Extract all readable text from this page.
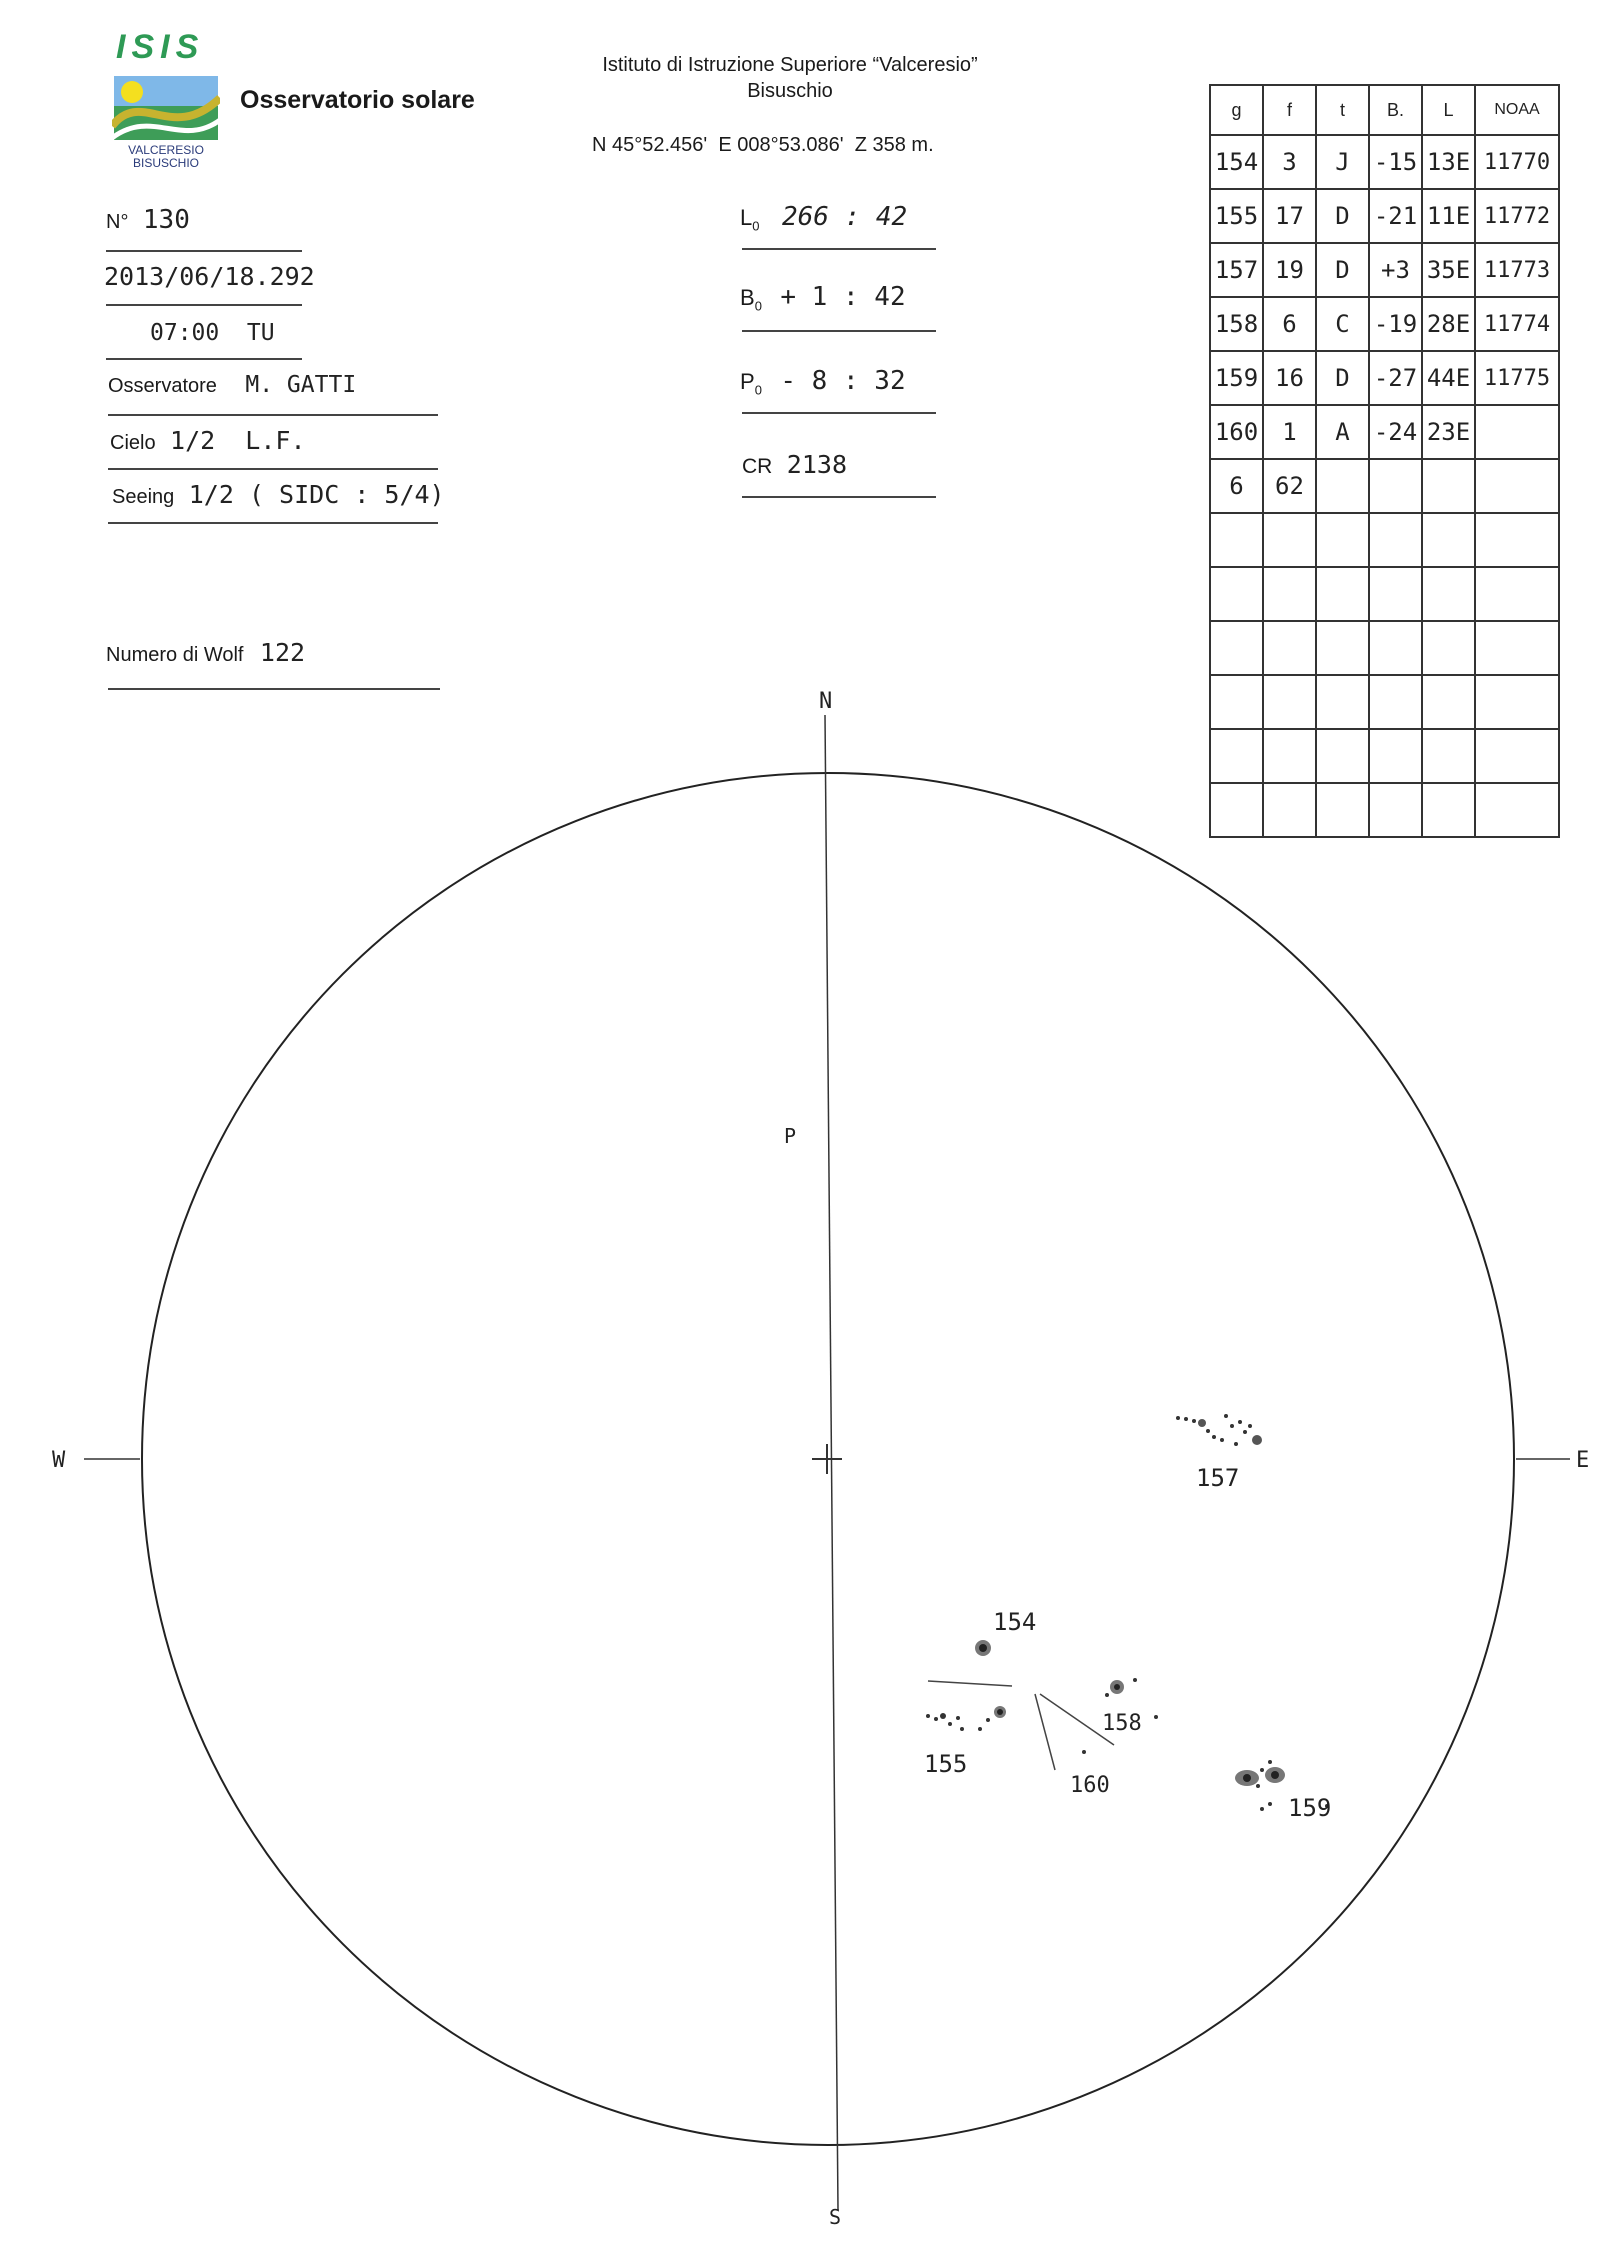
ISIS
VALCERESIO
BISUSCHIO
Osservatorio solare
Istituto di Istruzione Superiore “Valceresio”
Bisuschio
N 45°52.456'  E 008°53.086'  Z 358 m.
N° 130
2013/06/18.292
07:00  TU
Osservatore M. GATTI
Cielo 1/2  L.F.
Seeing 1/2 ( SIDC : 5/4)
Numero di Wolf 122
$L_0$ 266 : 42
$B_0 + 1$ : 42
$P_0 - 8$ : 32
CR 2138
g	f	t	B.	L	NOAA
154	3	J	-15	13E	11770
155	17	D	-21	11E	11772
157	19	D	+3	35E	11773
158	6	C	-19	28E	11774
159	16	D	-27	44E	11775
160	1	A	-24	23E	
6	62				

N
S
W	E
P
157
154
158
155
160
159
